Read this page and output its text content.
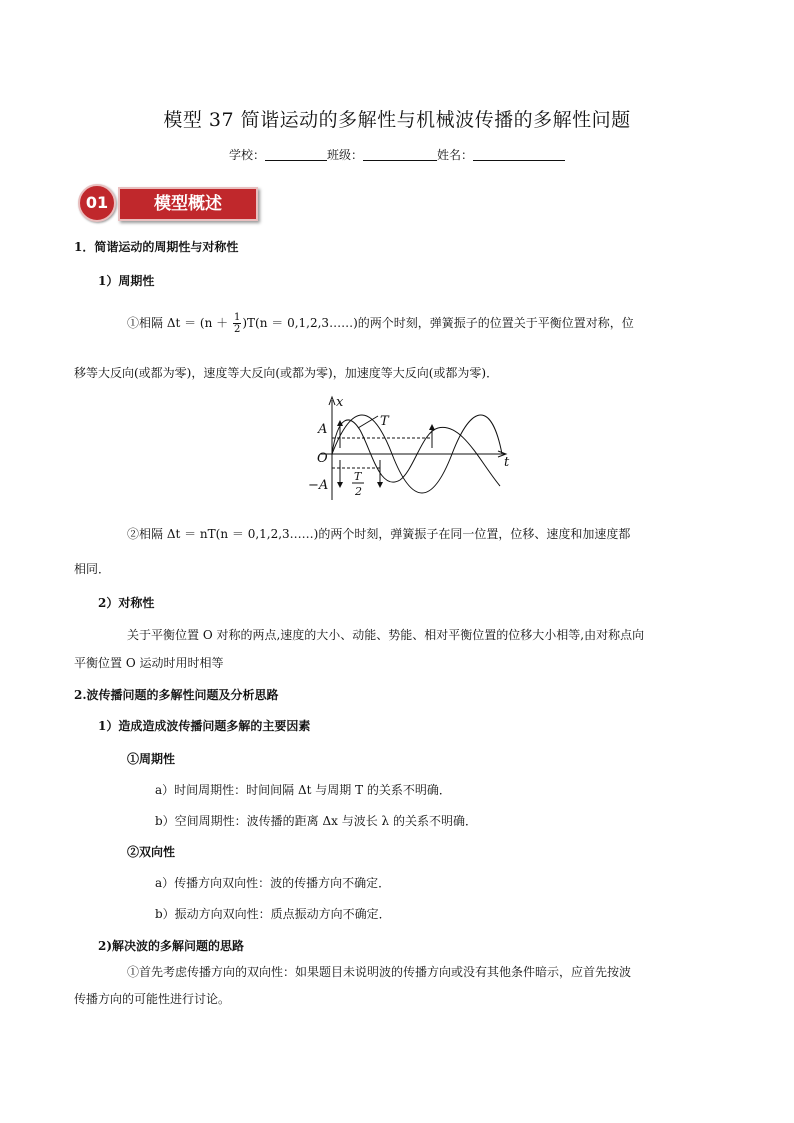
模型 37 简谐运动的多解性与机械波传播的多解性问题
学校：	班级：	姓名：
01	模型概述
1．简谐运动的周期性与对称性
1）周期性
①相隔 $\Delta t = (n + \frac{1}{2} )T(n$ ＝ 0,1,2,3……)的两个时刻，弹簧振子的位置关于平衡位置对称，位
移等大反向(或都为零)，速度等大反向(或都为零)，加速度等大反向(或都为零)．
x
t
A
O
−A
T
T
2
②相隔 Δt ＝ nT(n ＝ 0,1,2,3……)的两个时刻，弹簧振子在同一位置，位移、速度和加速度都
相同．
2）对称性
关于平衡位置 O 对称的两点,速度的大小、动能、势能、相对平衡位置的位移大小相等,由对称点向
平衡位置 O 运动时用时相等
2.波传播问题的多解性问题及分析思路
1）造成造成波传播问题多解的主要因素
①周期性
a）时间周期性：时间间隔 Δt 与周期 T 的关系不明确．
b）空间周期性：波传播的距离 Δx 与波长 λ 的关系不明确．
②双向性
a）传播方向双向性：波的传播方向不确定．
b）振动方向双向性：质点振动方向不确定．
2)解决波的多解问题的思路
①首先考虑传播方向的双向性：如果题目未说明波的传播方向或没有其他条件暗示，应首先按波
传播方向的可能性进行讨论。
